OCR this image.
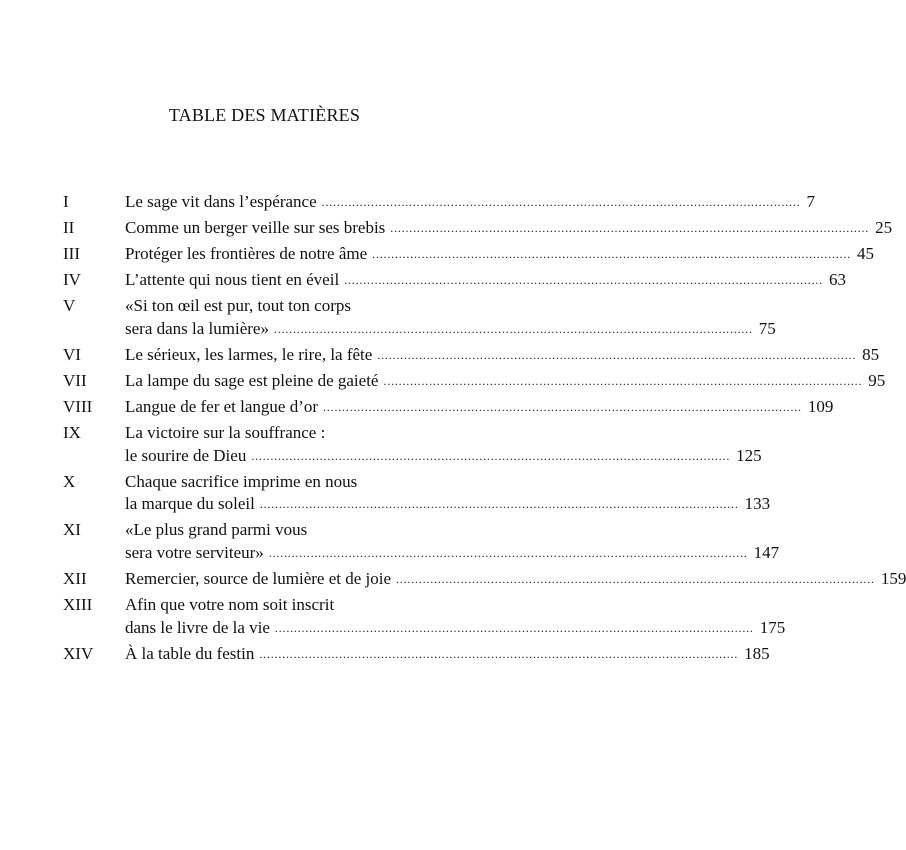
TABLE DES MATIÈRES
I	Le sage vit dans l’espérance .....	7
II	Comme un berger veille sur ses brebis .....	25
III	Protéger les frontières de notre âme .....	45
IV	L’attente qui nous tient en éveil .....	63
V	«Si ton œil est pur, tout ton corps
sera dans la lumière» .....	75
VI	Le sérieux, les larmes, le rire, la fête .....	85
VII	La lampe du sage est pleine de gaieté .....	95
VIII	Langue de fer et langue d’or .....	109
IX	La victoire sur la souffrance :
le sourire de Dieu .....	125
X	Chaque sacrifice imprime en nous
la marque du soleil .....	133
XI	«Le plus grand parmi vous
sera votre serviteur» .....	147
XII	Remercier, source de lumière et de joie .....	159
XIII	Afin que votre nom soit inscrit
dans le livre de la vie .....	175
XIV	À la table du festin .....	185
